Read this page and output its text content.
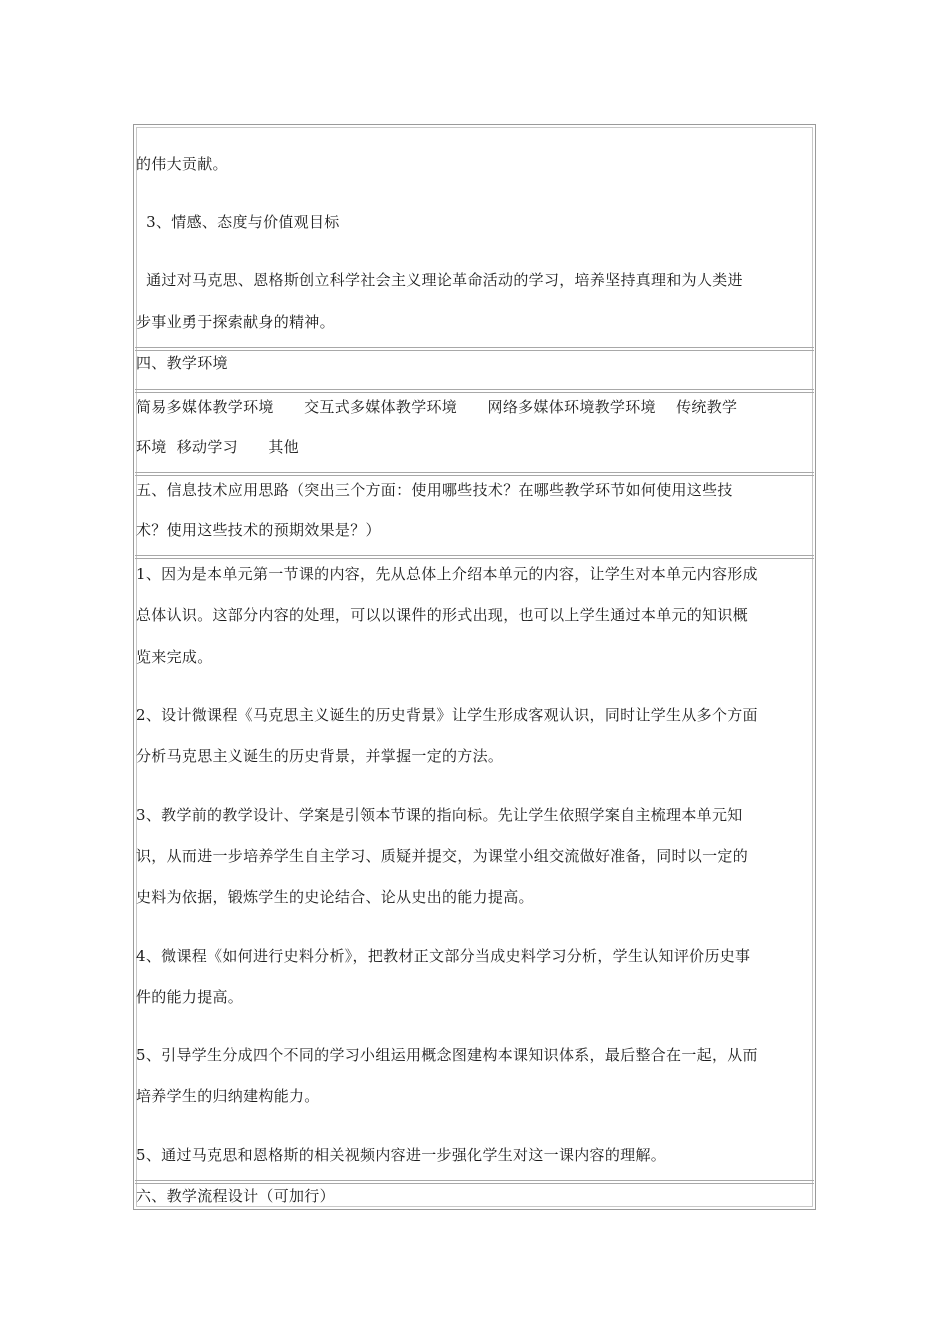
的伟大贡献。
3、情感、态度与价值观目标
通过对马克思、恩格斯创立科学社会主义理论革命活动的学习，培养坚持真理和为人类进
步事业勇于探索献身的精神。
四、教学环境
简易多媒体教学环境      交互式多媒体教学环境      网络多媒体环境教学环境    传统教学
环境  移动学习      其他
五、信息技术应用思路（突出三个方面：使用哪些技术？在哪些教学环节如何使用这些技
术？使用这些技术的预期效果是？）
1、因为是本单元第一节课的内容，先从总体上介绍本单元的内容，让学生对本单元内容形成
总体认识。这部分内容的处理，可以以课件的形式出现，也可以上学生通过本单元的知识概
览来完成。
2、设计微课程《马克思主义诞生的历史背景》让学生形成客观认识，同时让学生从多个方面
分析马克思主义诞生的历史背景，并掌握一定的方法。
3、教学前的教学设计、学案是引领本节课的指向标。先让学生依照学案自主梳理本单元知
识，从而进一步培养学生自主学习、质疑并提交，为课堂小组交流做好准备，同时以一定的
史料为依据，锻炼学生的史论结合、论从史出的能力提高。
4、微课程《如何进行史料分析》，把教材正文部分当成史料学习分析，学生认知评价历史事
件的能力提高。
5、引导学生分成四个不同的学习小组运用概念图建构本课知识体系，最后整合在一起，从而
培养学生的归纳建构能力。
5、通过马克思和恩格斯的相关视频内容进一步强化学生对这一课内容的理解。
六、教学流程设计（可加行）
